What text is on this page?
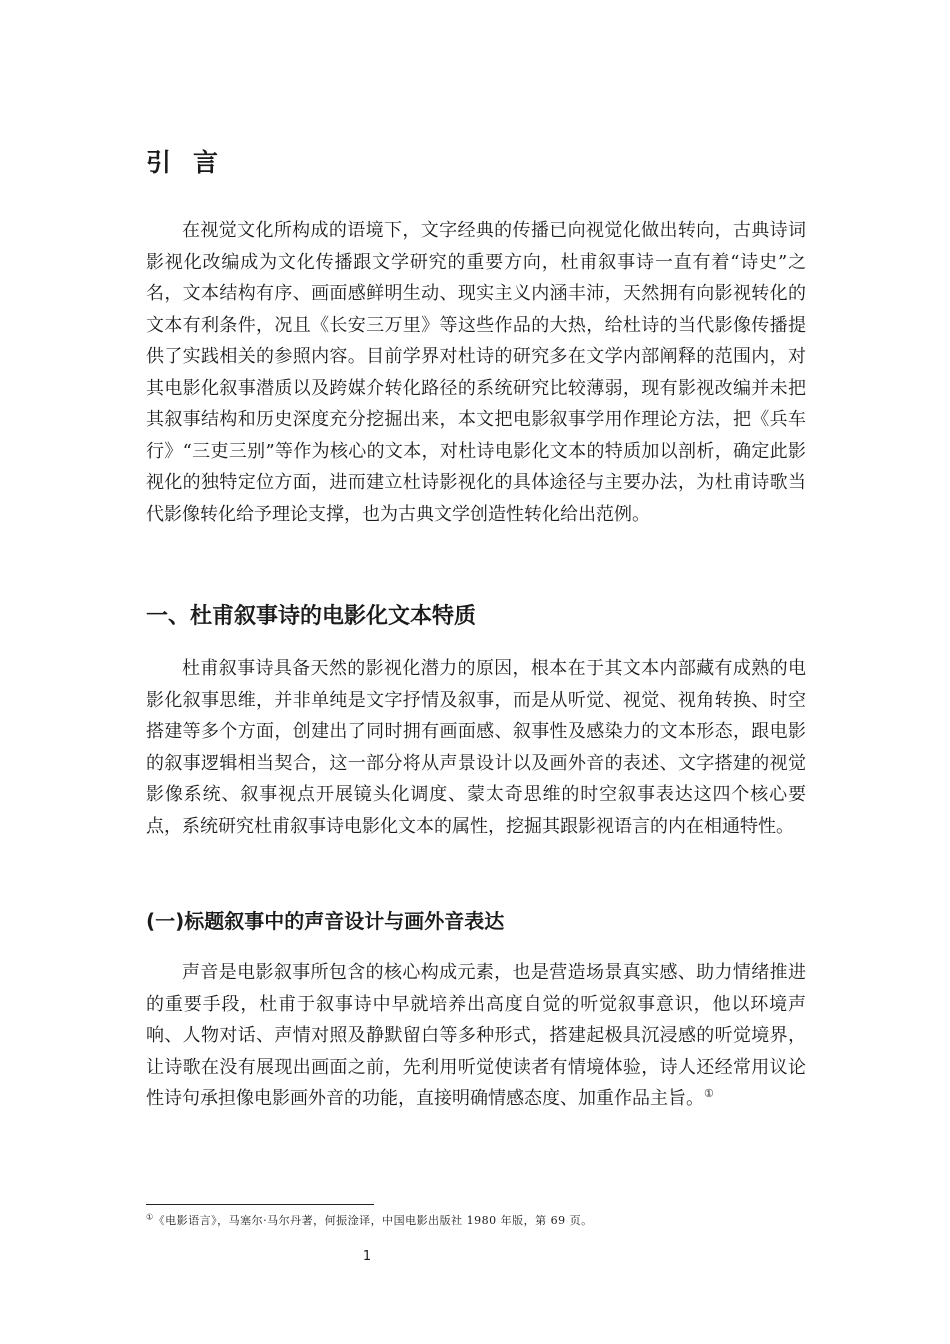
引言

在视觉文化所构成的语境下，文字经典的传播已向视觉化做出转向，古典诗词影视化改编成为文化传播跟文学研究的重要方向，杜甫叙事诗一直有着“诗史”之名，文本结构有序、画面感鲜明生动、现实主义内涵丰沛，天然拥有向影视转化的文本有利条件，况且《长安三万里》等这些作品的大热，给杜诗的当代影像传播提供了实践相关的参照内容。目前学界对杜诗的研究多在文学内部阐释的范围内，对其电影化叙事潜质以及跨媒介转化路径的系统研究比较薄弱，现有影视改编并未把其叙事结构和历史深度充分挖掘出来，本文把电影叙事学用作理论方法，把《兵车行》“三吏三别”等作为核心的文本，对杜诗电影化文本的特质加以剖析，确定此影视化的独特定位方面，进而建立杜诗影视化的具体途径与主要办法，为杜甫诗歌当代影像转化给予理论支撑，也为古典文学创造性转化给出范例。

一、杜甫叙事诗的电影化文本特质

杜甫叙事诗具备天然的影视化潜力的原因，根本在于其文本内部藏有成熟的电影化叙事思维，并非单纯是文字抒情及叙事，而是从听觉、视觉、视角转换、时空搭建等多个方面，创建出了同时拥有画面感、叙事性及感染力的文本形态，跟电影的叙事逻辑相当契合，这一部分将从声景设计以及画外音的表述、文字搭建的视觉影像系统、叙事视点开展镜头化调度、蒙太奇思维的时空叙事表达这四个核心要点，系统研究杜甫叙事诗电影化文本的属性，挖掘其跟影视语言的内在相通特性。

(一)标题叙事中的声音设计与画外音表达

声音是电影叙事所包含的核心构成元素，也是营造场景真实感、助力情绪推进的重要手段，杜甫于叙事诗中早就培养出高度自觉的听觉叙事意识，他以环境声响、人物对话、声情对照及静默留白等多种形式，搭建起极具沉浸感的听觉境界，让诗歌在没有展现出画面之前，先利用听觉使读者有情境体验，诗人还经常用议论性诗句承担像电影画外音的功能，直接明确情感态度、加重作品主旨。①

①《电影语言》，马塞尔·马尔丹著，何振淦译，中国电影出版社 1980 年版，第 69 页。

1
